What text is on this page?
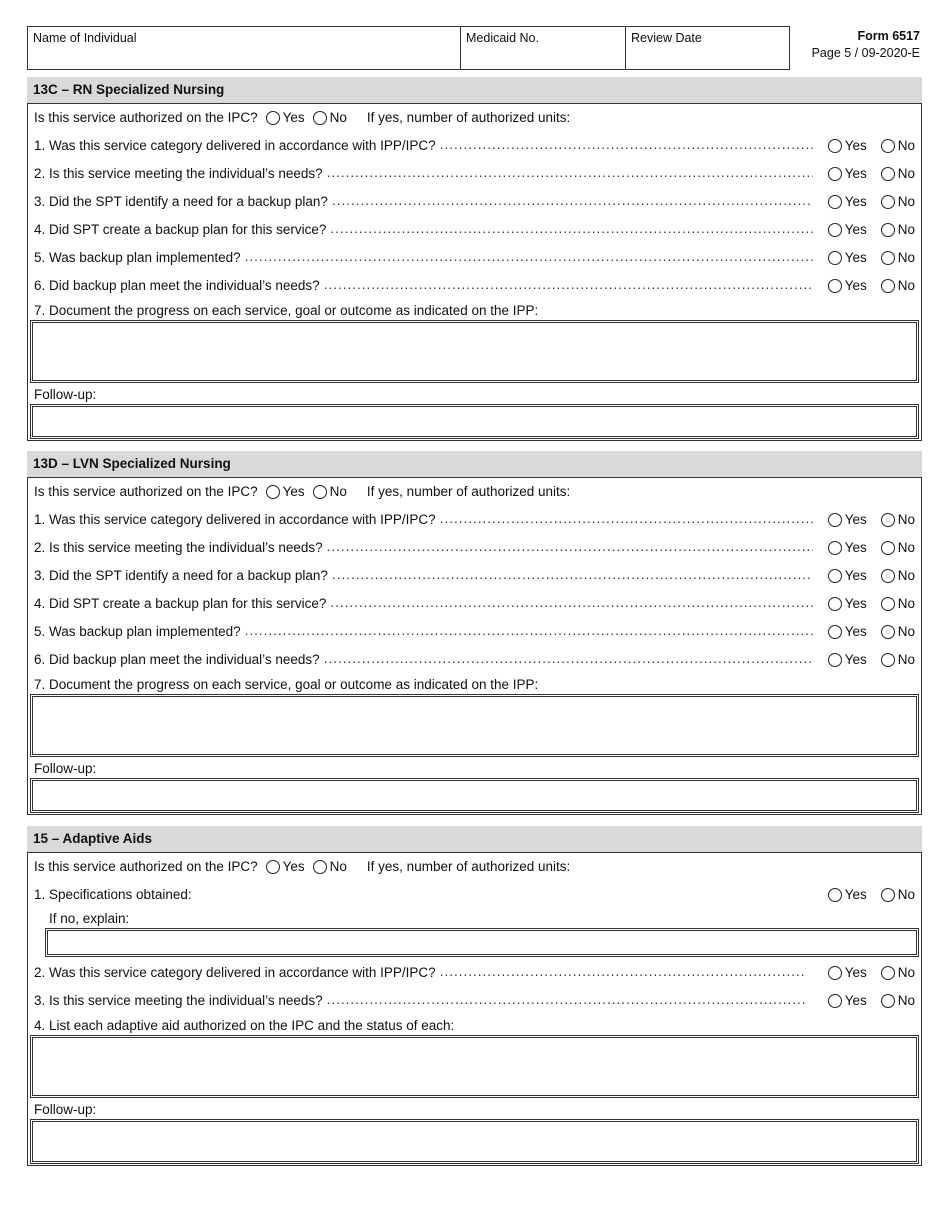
Name of Individual	Medicaid No.	Review Date	Form 6517
Page 5 / 09-2020-E
13C – RN Specialized Nursing
Is this service authorized on the IPC? Yes No If yes, number of authorized units:
1. Was this service category delivered in accordance with IPP/IPC? .....	Yes No
2. Is this service meeting the individual’s needs? .....	Yes No
3. Did the SPT identify a need for a backup plan? .....	Yes No
4. Did SPT create a backup plan for this service? .....	Yes No
5. Was backup plan implemented? .....	Yes No
6. Did backup plan meet the individual’s needs? .....	Yes No
7. Document the progress on each service, goal or outcome as indicated on the IPP:
Follow-up:
13D – LVN Specialized Nursing
Is this service authorized on the IPC? Yes No If yes, number of authorized units:
1. Was this service category delivered in accordance with IPP/IPC? .....	Yes No
2. Is this service meeting the individual’s needs? .....	Yes No
3. Did the SPT identify a need for a backup plan? .....	Yes No
4. Did SPT create a backup plan for this service? .....	Yes No
5. Was backup plan implemented? .....	Yes No
6. Did backup plan meet the individual’s needs? .....	Yes No
7. Document the progress on each service, goal or outcome as indicated on the IPP:
Follow-up:
15 – Adaptive Aids
Is this service authorized on the IPC? Yes No If yes, number of authorized units:
1. Specifications obtained:	Yes No
If no, explain:
2. Was this service category delivered in accordance with IPP/IPC? .....	Yes No
3. Is this service meeting the individual’s needs? .....	Yes No
4. List each adaptive aid authorized on the IPC and the status of each:
Follow-up:
